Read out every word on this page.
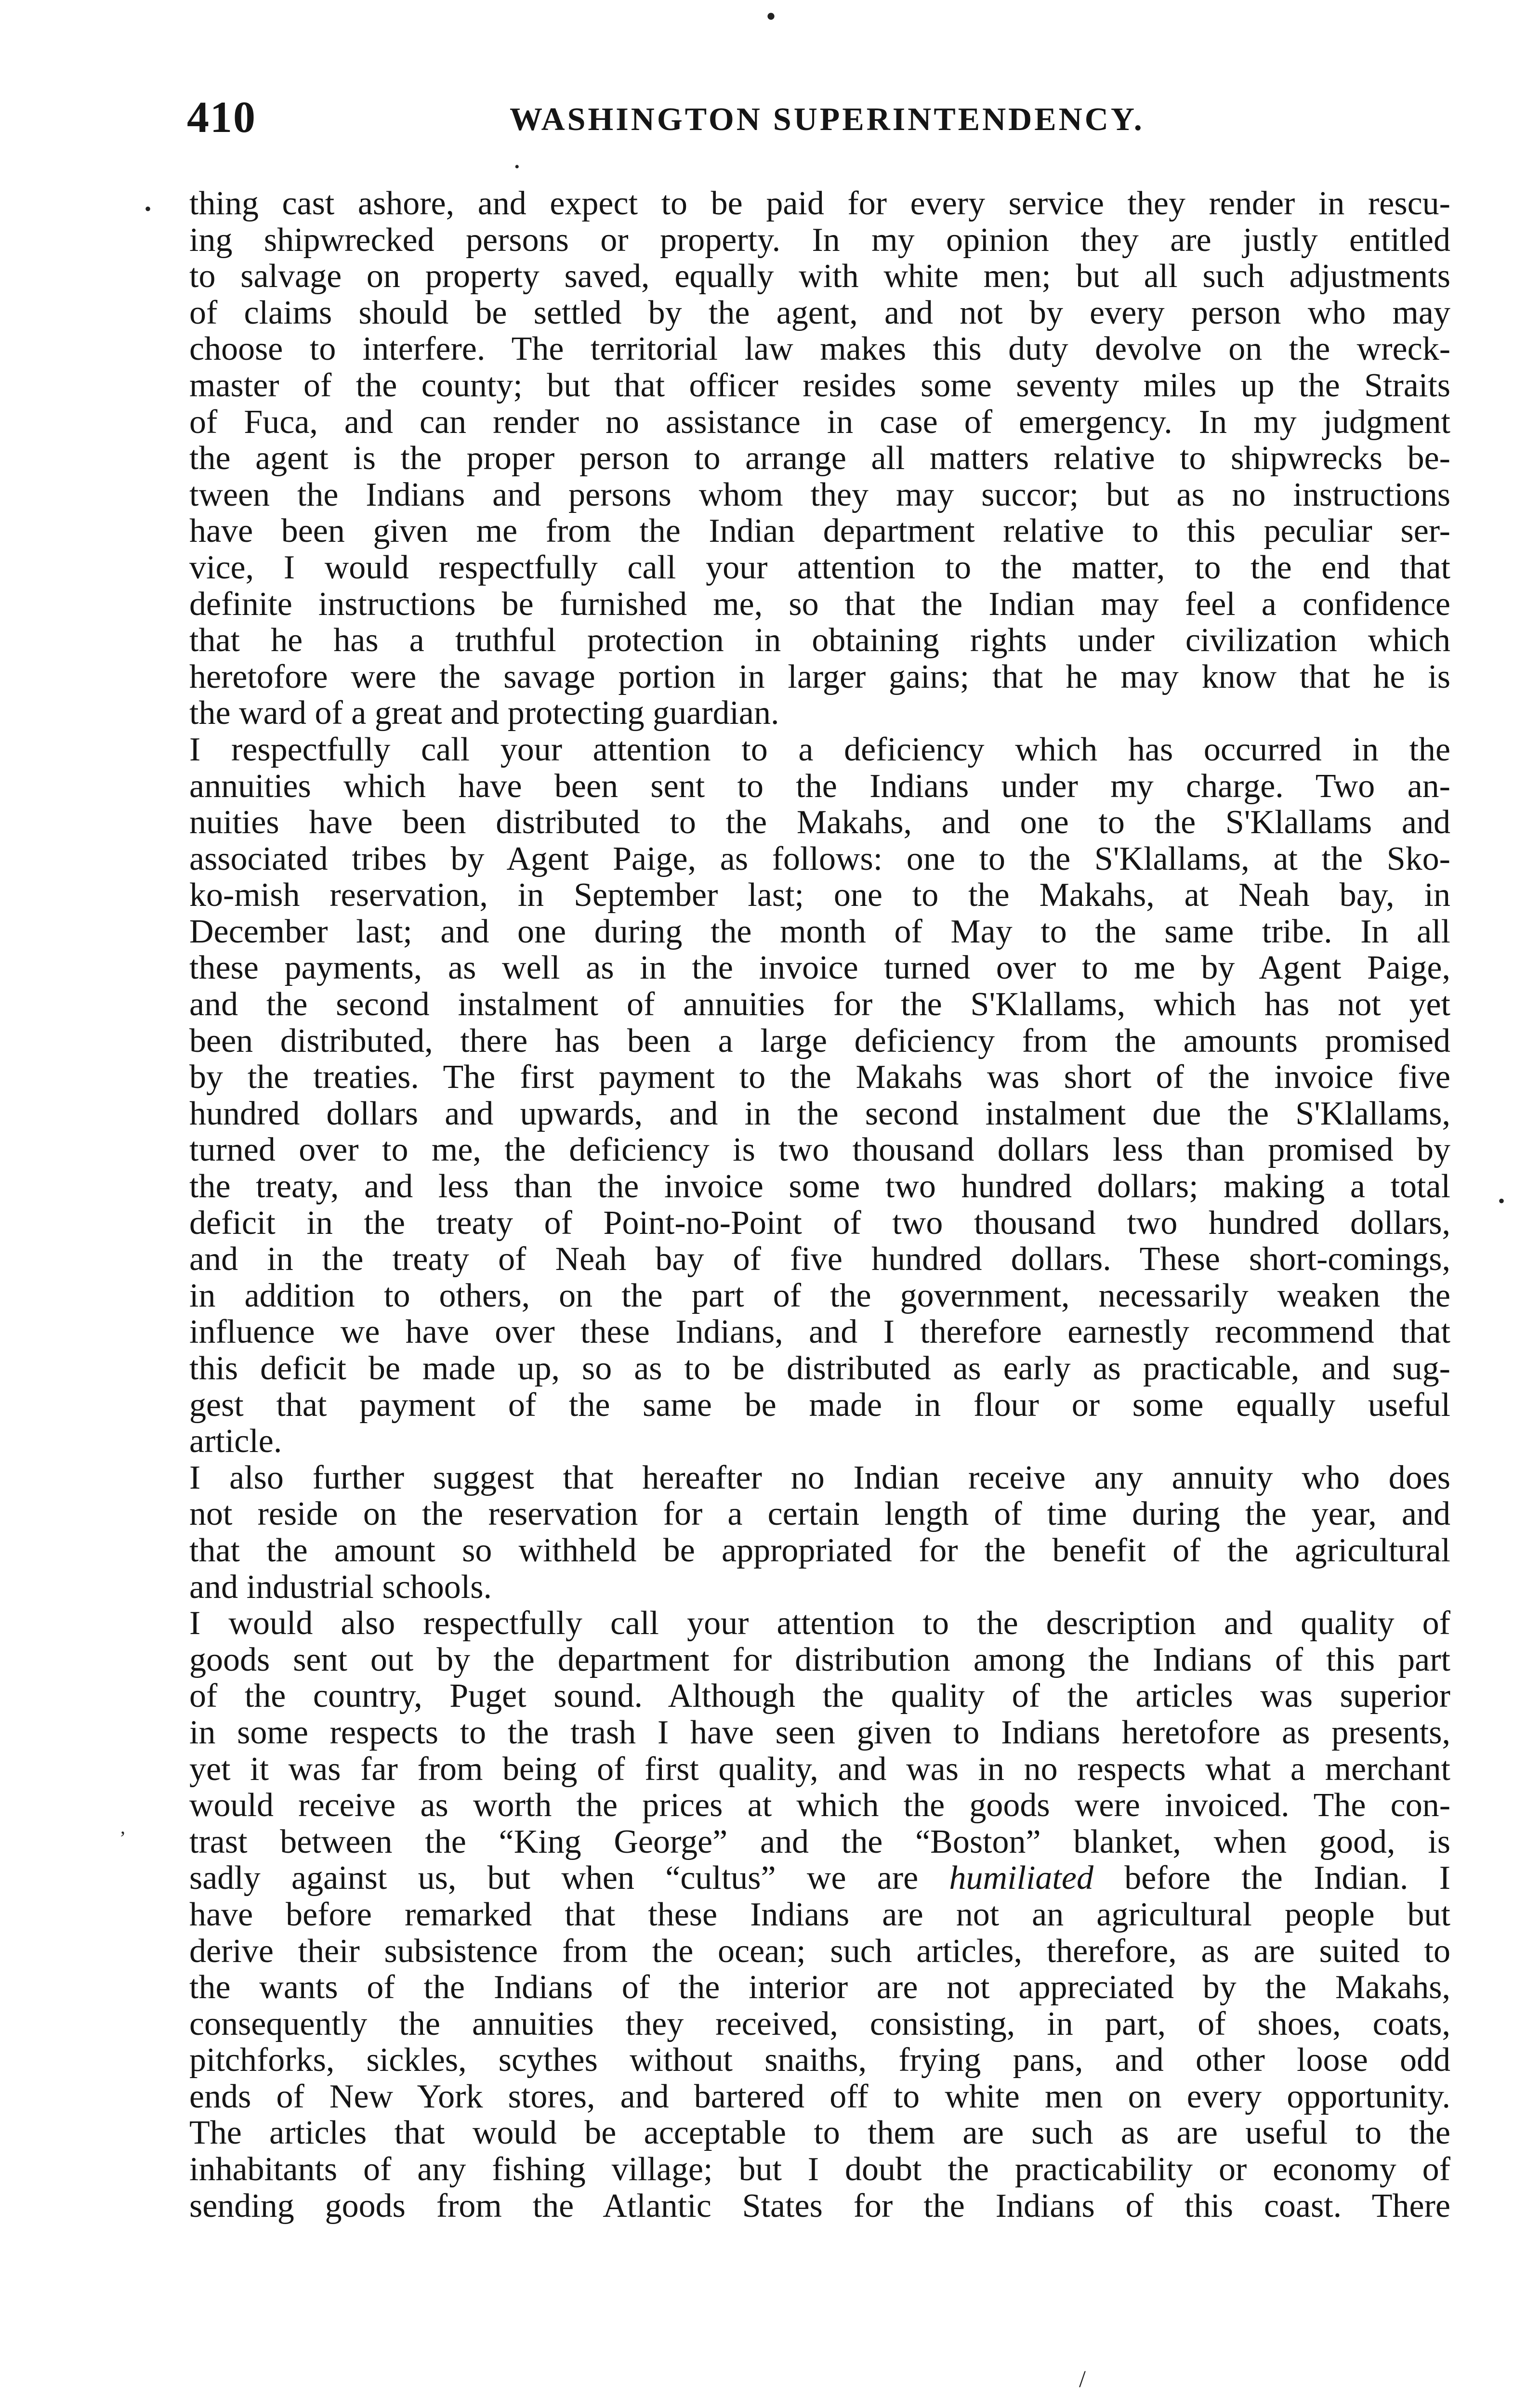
410	WASHINGTON SUPERINTENDENCY.
•
•
•
•
,
/

thing cast ashore, and expect to be paid for every service they render in rescu-
ing shipwrecked persons or property. In my opinion they are justly entitled
to salvage on property saved, equally with white men; but all such adjustments
of claims should be settled by the agent, and not by every person who may
choose to interfere. The territorial law makes this duty devolve on the wreck-
master of the county; but that officer resides some seventy miles up the Straits
of Fuca, and can render no assistance in case of emergency. In my judgment
the agent is the proper person to arrange all matters relative to shipwrecks be-
tween the Indians and persons whom they may succor; but as no instructions
have been given me from the Indian department relative to this peculiar ser-
vice, I would respectfully call your attention to the matter, to the end that
definite instructions be furnished me, so that the Indian may feel a confidence
that he has a truthful protection in obtaining rights under civilization which
heretofore were the savage portion in larger gains; that he may know that he is
the ward of a great and protecting guardian.

I respectfully call your attention to a deficiency which has occurred in the
annuities which have been sent to the Indians under my charge. Two an-
nuities have been distributed to the Makahs, and one to the S'Klallams and
associated tribes by Agent Paige, as follows: one to the S'Klallams, at the Sko-
ko-mish reservation, in September last; one to the Makahs, at Neah bay, in
December last; and one during the month of May to the same tribe. In all
these payments, as well as in the invoice turned over to me by Agent Paige,
and the second instalment of annuities for the S'Klallams, which has not yet
been distributed, there has been a large deficiency from the amounts promised
by the treaties. The first payment to the Makahs was short of the invoice five
hundred dollars and upwards, and in the second instalment due the S'Klallams,
turned over to me, the deficiency is two thousand dollars less than promised by
the treaty, and less than the invoice some two hundred dollars; making a total
deficit in the treaty of Point-no-Point of two thousand two hundred dollars,
and in the treaty of Neah bay of five hundred dollars. These short-comings,
in addition to others, on the part of the government, necessarily weaken the
influence we have over these Indians, and I therefore earnestly recommend that
this deficit be made up, so as to be distributed as early as practicable, and sug-
gest that payment of the same be made in flour or some equally useful
article.

I also further suggest that hereafter no Indian receive any annuity who does
not reside on the reservation for a certain length of time during the year, and
that the amount so withheld be appropriated for the benefit of the agricultural
and industrial schools.

I would also respectfully call your attention to the description and quality of
goods sent out by the department for distribution among the Indians of this part
of the country, Puget sound. Although the quality of the articles was superior
in some respects to the trash I have seen given to Indians heretofore as presents,
yet it was far from being of first quality, and was in no respects what a merchant
would receive as worth the prices at which the goods were invoiced. The con-
trast between the “King George” and the “Boston” blanket, when good, is
sadly against us, but when “cultus” we are humiliated before the Indian. I
have before remarked that these Indians are not an agricultural people but
derive their subsistence from the ocean; such articles, therefore, as are suited to
the wants of the Indians of the interior are not appreciated by the Makahs,
consequently the annuities they received, consisting, in part, of shoes, coats,
pitchforks, sickles, scythes without snaiths, frying pans, and other loose odd
ends of New York stores, and bartered off to white men on every opportunity.
The articles that would be acceptable to them are such as are useful to the
inhabitants of any fishing village; but I doubt the practicability or economy of
sending goods from the Atlantic States for the Indians of this coast. There
